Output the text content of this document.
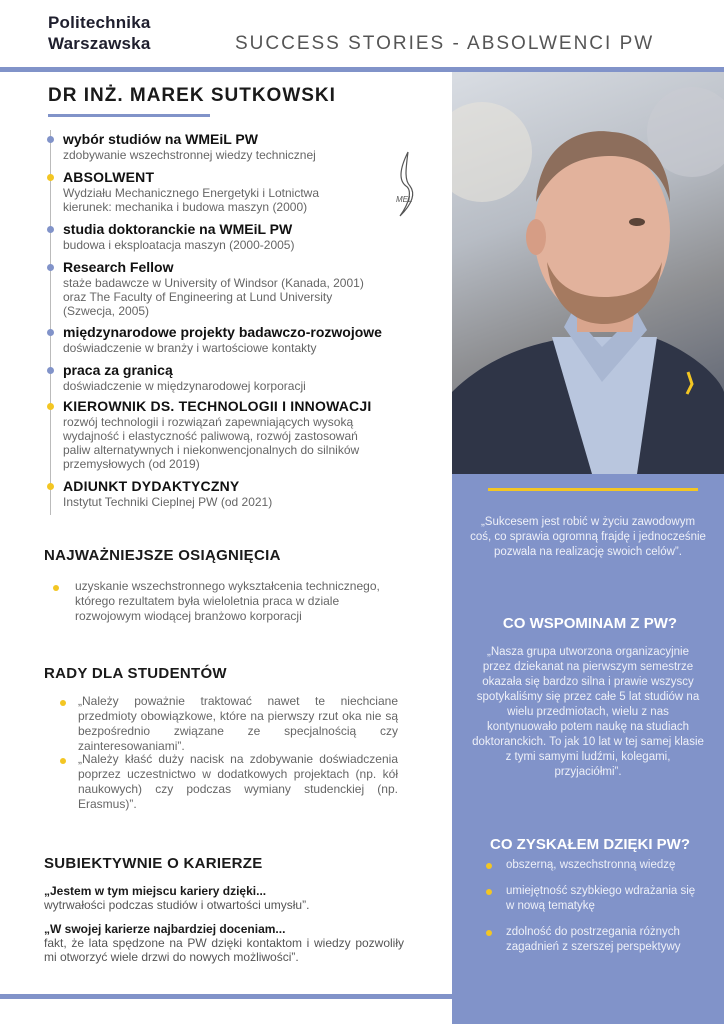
Politechnika
Warszawska	SUCCESS STORIES - ABSOLWENCI PW
DR INŻ. MAREK SUTKOWSKI
wybór studiów na WMEiL PW
zdobywanie wszechstronnej wiedzy technicznej
ABSOLWENT
Wydziału Mechanicznego Energetyki i Lotnictwa
kierunek: mechanika i budowa maszyn (2000)
studia doktoranckie na WMEiL PW
budowa i eksploatacja maszyn (2000-2005)
Research Fellow
staże badawcze w University of Windsor (Kanada, 2001)
oraz The Faculty of Engineering at Lund University
(Szwecja, 2005)
międzynarodowe projekty badawczo-rozwojowe
doświadczenie w branży i wartościowe kontakty
praca za granicą
doświadczenie w międzynarodowej korporacji
KIEROWNIK DS. TECHNOLOGII I INNOWACJI
rozwój technologii i rozwiązań zapewniających wysoką
wydajność i elastyczność paliwową, rozwój zastosowań
paliw alternatywnych i niekonwencjonalnych do silników
przemysłowych (od 2019)
ADIUNKT DYDAKTYCZNY
Instytut Techniki Cieplnej PW (od 2021)
MEL
NAJWAŻNIEJSZE OSIĄGNIĘCIA
uzyskanie wszechstronnego wykształcenia technicznego, którego rezultatem była wieloletnia praca w dziale rozwojowym wiodącej branżowo korporacji
RADY DLA STUDENTÓW
„Należy poważnie traktować nawet te niechciane przedmioty obowiązkowe, które na pierwszy rzut oka nie są bezpośrednio związane ze specjalnością czy zainteresowaniami”.
„Należy kłaść duży nacisk na zdobywanie doświadczenia poprzez uczestnictwo w dodatkowych projektach (np. kół naukowych) czy podczas wymiany studenckiej (np. Erasmus)”.
SUBIEKTYWNIE O KARIERZE
„Jestem w tym miejscu kariery dzięki...
wytrwałości podczas studiów i otwartości umysłu”.
„W swojej karierze najbardziej doceniam...
fakt, że lata spędzone na PW dzięki kontaktom i wiedzy pozwoliły mi otworzyć wiele drzwi do nowych możliwości”.
„Sukcesem jest robić w życiu zawodowym coś, co sprawia ogromną frajdę i jednocześnie pozwala na realizację swoich celów”.
CO WSPOMINAM Z PW?
„Nasza grupa utworzona organizacyjnie przez dziekanat na pierwszym semestrze okazała się bardzo silna i prawie wszyscy spotykaliśmy się przez całe 5 lat studiów na wielu przedmiotach, wielu z nas kontynuowało potem naukę na studiach doktoranckich. To jak 10 lat w tej samej klasie z tymi samymi ludźmi, kolegami, przyjaciółmi”.
CO ZYSKAŁEM DZIĘKI PW?
obszerną, wszechstronną wiedzę
umiejętność szybkiego wdrażania się w nową tematykę
zdolność do postrzegania różnych zagadnień z szerszej perspektywy
